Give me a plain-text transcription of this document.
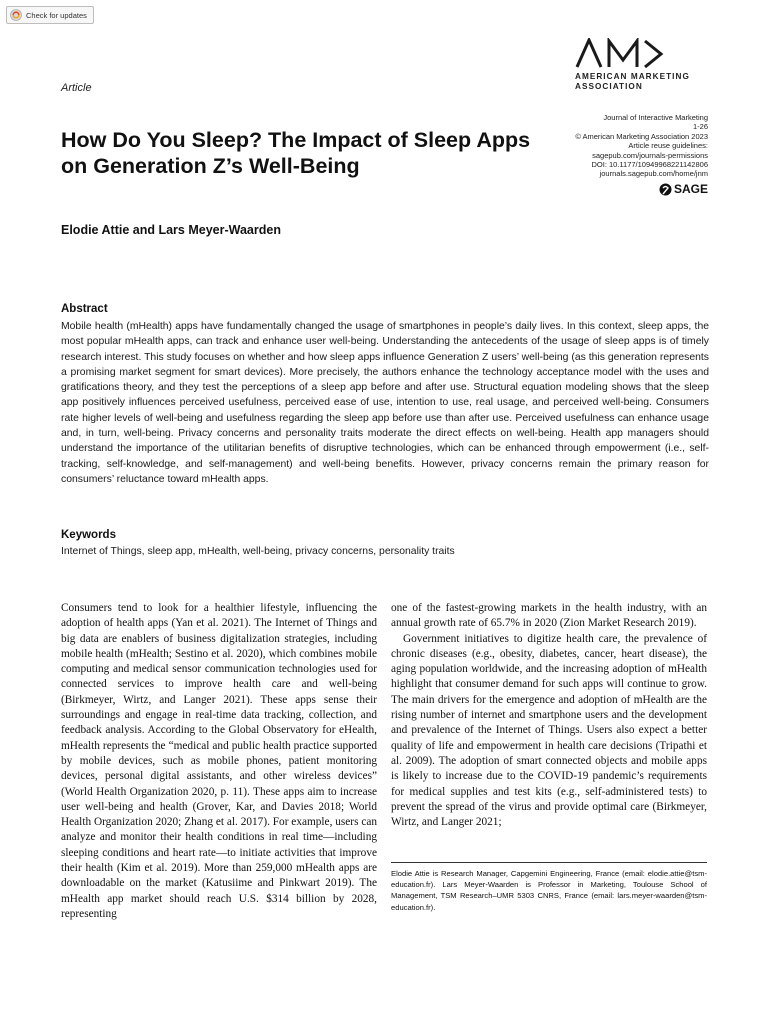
Check for updates
Article
AMERICAN MARKETING
ASSOCIATION
Journal of Interactive Marketing
1-26
© American Marketing Association 2023
Article reuse guidelines:
sagepub.com/journals-permissions
DOI: 10.1177/10949968221142806
journals.sagepub.com/home/jnm
SAGE
How Do You Sleep? The Impact of Sleep Apps on Generation Z’s Well-Being
Elodie Attie and Lars Meyer-Waarden
Abstract

Mobile health (mHealth) apps have fundamentally changed the usage of smartphones in people’s daily lives. In this context, sleep apps, the most popular mHealth apps, can track and enhance user well-being. Understanding the antecedents of the usage of sleep apps is of timely research interest. This study focuses on whether and how sleep apps influence Generation Z users’ well-being (as this generation represents a promising market segment for smart devices). More precisely, the authors enhance the technology acceptance model with the uses and gratifications theory, and they test the perceptions of a sleep app before and after use. Structural equation modeling shows that the sleep app positively influences perceived usefulness, perceived ease of use, intention to use, real usage, and perceived well-being. Consumers rate higher levels of well-being and usefulness regarding the sleep app before use than after use. Perceived usefulness can enhance usage and, in turn, well-being. Privacy concerns and personality traits moderate the direct effects on well-being. Health app managers should understand the importance of the utilitarian benefits of disruptive technologies, which can be enhanced through empowerment (i.e., self-tracking, self-knowledge, and self-management) and well-being benefits. However, privacy concerns remain the primary reason for consumers’ reluctance toward mHealth apps.

Keywords

Internet of Things, sleep app, mHealth, well-being, privacy concerns, personality traits

Consumers tend to look for a healthier lifestyle, influencing the adoption of health apps (Yan et al. 2021). The Internet of Things and big data are enablers of business digitalization strategies, including mobile health (mHealth; Sestino et al. 2020), which combines mobile computing and medical sensor communication technologies used for connected services to improve health care and well-being (Birkmeyer, Wirtz, and Langer 2021). These apps sense their surroundings and engage in real-time data tracking, collection, and feedback analysis. According to the Global Observatory for eHealth, mHealth represents the “medical and public health practice supported by mobile devices, such as mobile phones, patient monitoring devices, personal digital assistants, and other wireless devices” (World Health Organization 2020, p. 11). These apps aim to increase user well-being and health (Grover, Kar, and Davies 2018; World Health Organization 2020; Zhang et al. 2017). For example, users can analyze and monitor their health conditions in real time—including sleeping conditions and heart rate—to initiate activities that improve their health (Kim et al. 2019). More than 259,000 mHealth apps are downloadable on the market (Katusiime and Pinkwart 2019). The mHealth app market should reach U.S. $314 billion by 2028, representing

one of the fastest-growing markets in the health industry, with an annual growth rate of 65.7% in 2020 (Zion Market Research 2019).

Government initiatives to digitize health care, the prevalence of chronic diseases (e.g., obesity, diabetes, cancer, heart disease), the aging population worldwide, and the increasing adoption of mHealth highlight that consumer demand for such apps will continue to grow. The main drivers for the emergence and adoption of mHealth are the rising number of internet and smartphone users and the development and prevalence of the Internet of Things. Users also expect a better quality of life and empowerment in health care decisions (Tripathi et al. 2009). The adoption of smart connected objects and mobile apps is likely to increase due to the COVID-19 pandemic’s requirements for medical supplies and test kits (e.g., self-administered tests) to prevent the spread of the virus and provide optimal care (Birkmeyer, Wirtz, and Langer 2021;

Elodie Attie is Research Manager, Capgemini Engineering, France (email: elodie.attie@tsm-education.fr). Lars Meyer-Waarden is Professor in Marketing, Toulouse School of Management, TSM Research–UMR 5303 CNRS, France (email: lars.meyer-waarden@tsm-education.fr).
